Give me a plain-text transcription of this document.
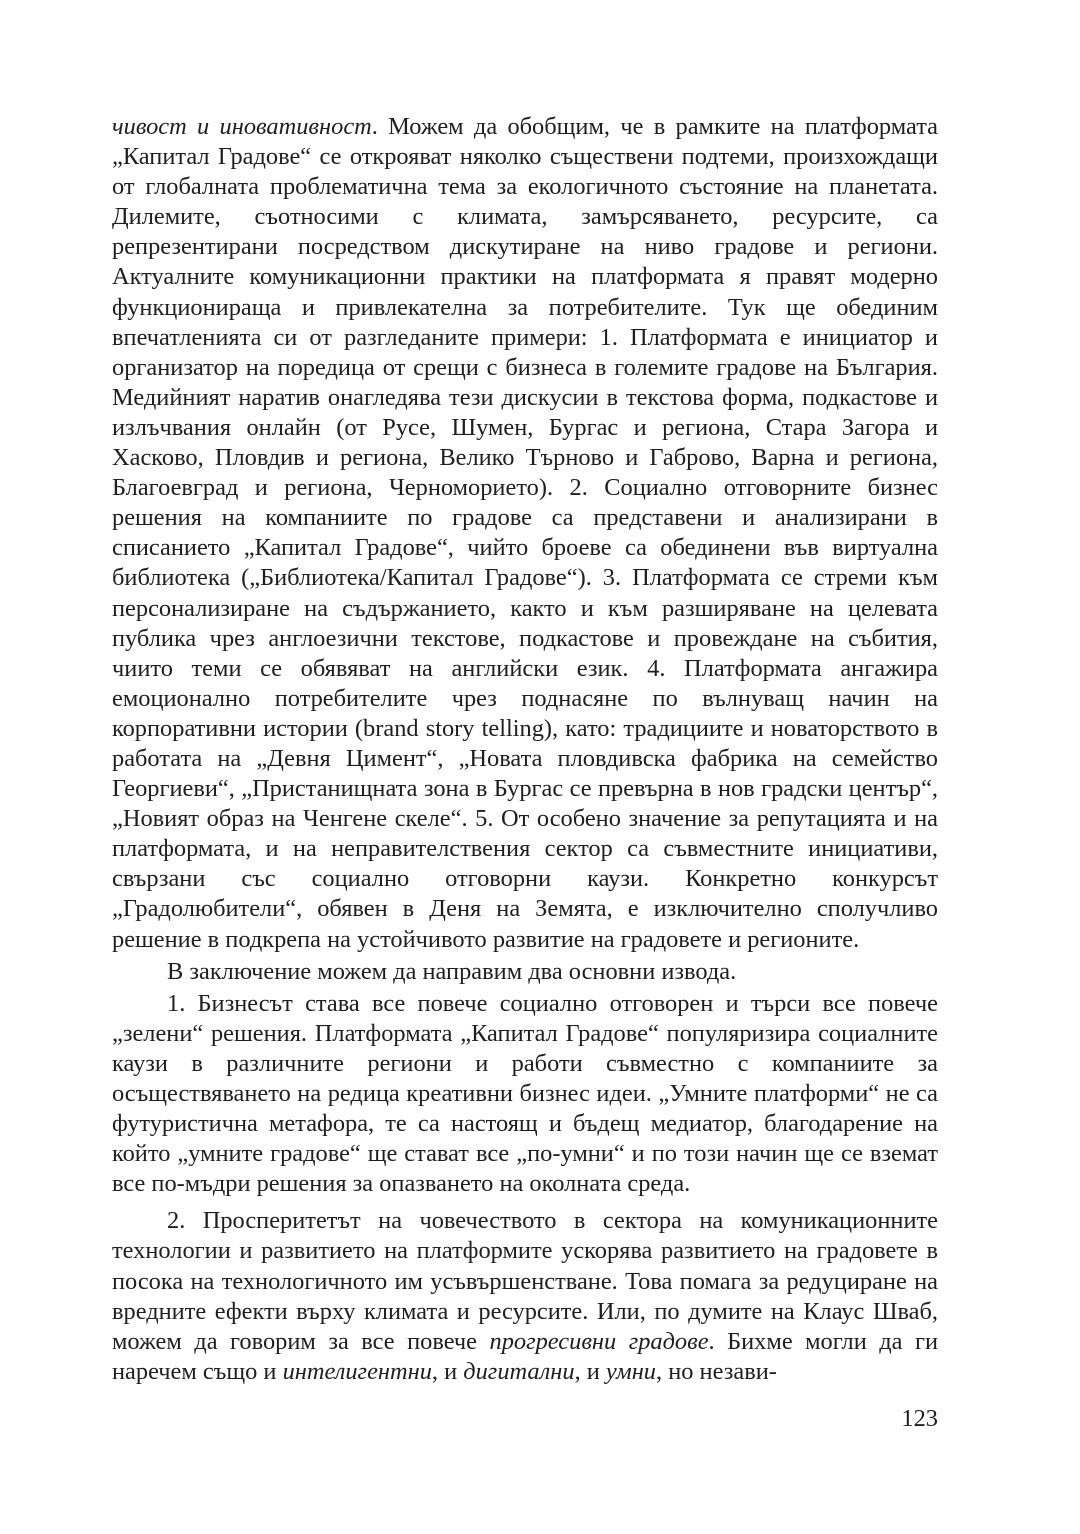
чивост и иновативност. Можем да обобщим, че в рамките на платформата „Капитал Градове“ се открояват няколко съществени подтеми, произхождащи от глобалната проблематична тема за екологичното състояние на планетата. Дилемите, съотносими с климата, замърсяването, ресурсите, са репрезентирани посредством дискутиране на ниво градове и региони. Актуалните комуникационни практики на платформата я правят модерно функционираща и привлекателна за потребителите. Тук ще обединим впечатленията си от разгледаните примери: 1. Платформата е инициатор и организатор на поредица от срещи с бизнеса в големите градове на България. Медийният наратив онагледява тези дискусии в текстова форма, подкастове и излъчвания онлайн (от Русе, Шумен, Бургас и региона, Стара Загора и Хасково, Пловдив и региона, Велико Търново и Габрово, Варна и региона, Благоевград и региона, Черноморието). 2. Социално отговорните бизнес решения на компаниите по градове са представени и анализирани в списанието „Капитал Градове“, чийто броеве са обединени във виртуална библиотека („Библиотека/Капитал Градове“). 3. Платформата се стреми към персонализиране на съдържанието, както и към разширяване на целевата публика чрез англоезични текстове, подкастове и провеждане на събития, чиито теми се обявяват на английски език. 4. Платформата ангажира емоционално потребителите чрез поднасяне по вълнуващ начин на корпоративни истории (brand story telling), като: традициите и новаторството в работата на „Девня Цимент“, „Новата пловдивска фабрика на семейство Георгиеви“, „Пристанищната зона в Бургас се превърна в нов градски център“, „Новият образ на Ченгене скеле“. 5. От особено значение за репутацията и на платформата, и на неправителствения сектор са съвместните инициативи, свързани със социално отговорни каузи. Конкретно конкурсът „Градолюбители“, обявен в Деня на Земята, е изключително сполучливо решение в подкрепа на устойчивото развитие на градовете и регионите.

В заключение можем да направим два основни извода.

1. Бизнесът става все повече социално отговорен и търси все повече „зелени“ решения. Платформата „Капитал Градове“ популяризира социалните каузи в различните региони и работи съвместно с компаниите за осъществяването на редица креативни бизнес идеи. „Умните платформи“ не са футуристична метафора, те са настоящ и бъдещ медиатор, благодарение на който „умните градове“ ще стават все „по-умни“ и по този начин ще се вземат все по-мъдри решения за опазването на околната среда.

2. Просперитетът на човечеството в сектора на комуникационните технологии и развитието на платформите ускорява развитието на градовете в посока на технологичното им усъвършенстване. Това помага за редуциране на вредните ефекти върху климата и ресурсите. Или, по думите на Клаус Шваб, можем да говорим за все повече прогресивни градове. Бихме могли да ги наречем също и интелигентни, и дигитални, и умни, но незави-

123
